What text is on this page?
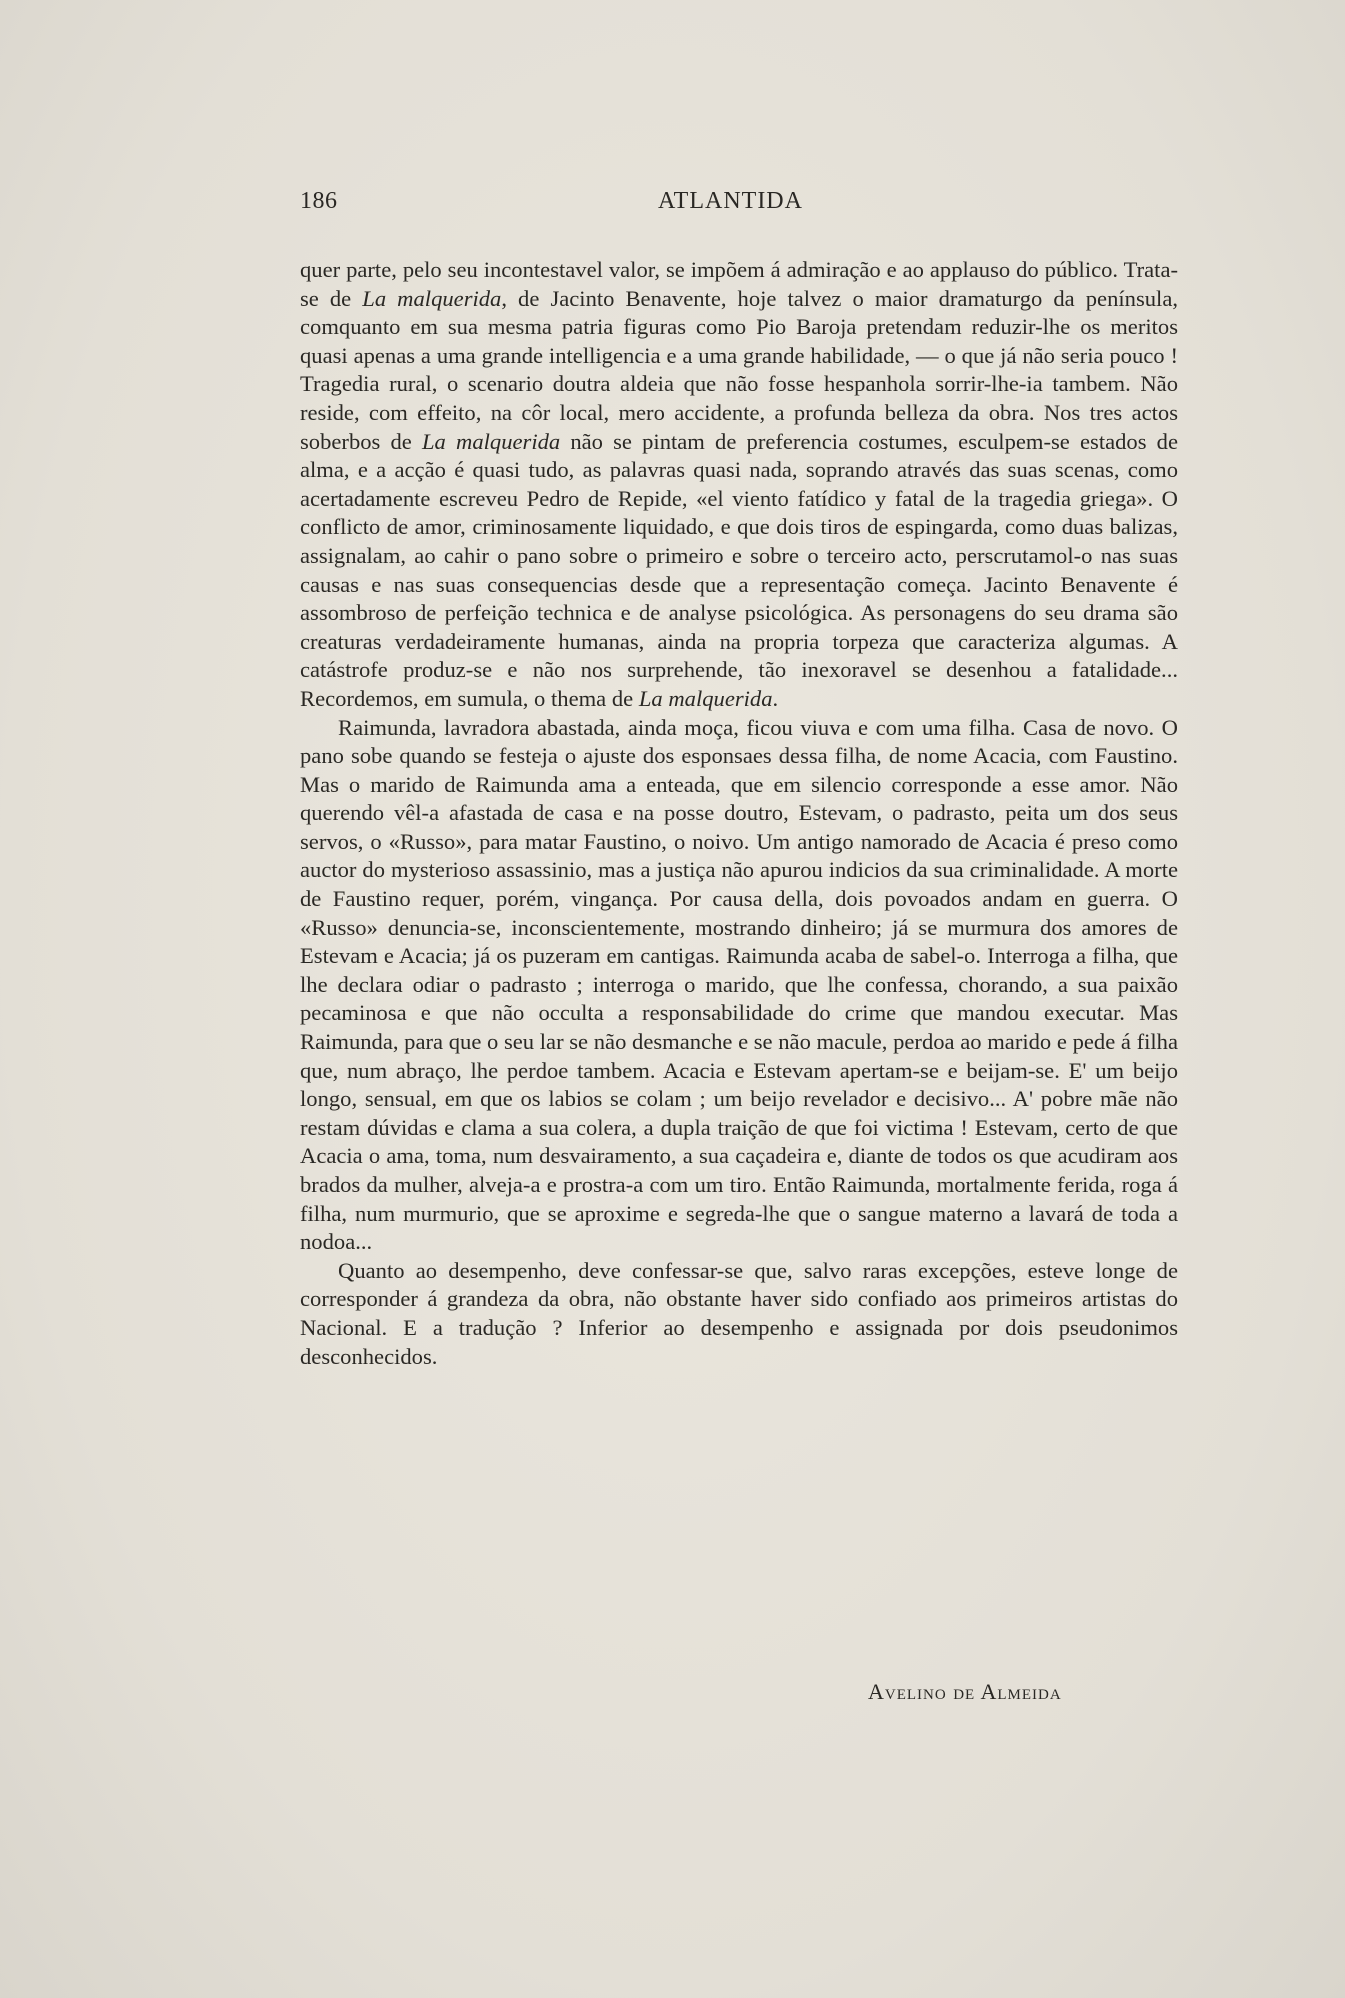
186	ATLANTIDA

quer parte, pelo seu incontestavel valor, se impõem á admiração e ao applauso do público. Trata-se de La malquerida, de Jacinto Benavente, hoje talvez o maior dramaturgo da península, comquanto em sua mesma patria figuras como Pio Baroja pretendam reduzir-lhe os meritos quasi apenas a uma grande intelligencia e a uma grande habilidade, — o que já não seria pouco ! Tragedia rural, o scenario doutra aldeia que não fosse hespanhola sorrir-lhe-ia tambem. Não reside, com effeito, na côr local, mero accidente, a profunda belleza da obra. Nos tres actos soberbos de La malquerida não se pintam de preferencia costumes, esculpem-se estados de alma, e a acção é quasi tudo, as palavras quasi nada, soprando através das suas scenas, como acertadamente escreveu Pedro de Repide, «el viento fatídico y fatal de la tragedia griega». O conflicto de amor, criminosamente liquidado, e que dois tiros de espingarda, como duas balizas, assignalam, ao cahir o pano sobre o primeiro e sobre o terceiro acto, perscrutamol-o nas suas causas e nas suas consequencias desde que a representação começa. Jacinto Benavente é assombroso de perfeição technica e de analyse psicológica. As personagens do seu drama são creaturas verdadeiramente humanas, ainda na propria torpeza que caracteriza algumas. A catástrofe produz-se e não nos surprehende, tão inexoravel se desenhou a fatalidade... Recordemos, em sumula, o thema de La malquerida.

Raimunda, lavradora abastada, ainda moça, ficou viuva e com uma filha. Casa de novo. O pano sobe quando se festeja o ajuste dos esponsaes dessa filha, de nome Acacia, com Faustino. Mas o marido de Raimunda ama a enteada, que em silencio corresponde a esse amor. Não querendo vêl-a afastada de casa e na posse doutro, Estevam, o padrasto, peita um dos seus servos, o «Russo», para matar Faustino, o noivo. Um antigo namorado de Acacia é preso como auctor do mysterioso assassinio, mas a justiça não apurou indicios da sua criminalidade. A morte de Faustino requer, porém, vingança. Por causa della, dois povoados andam en guerra. O «Russo» denuncia-se, inconscientemente, mostrando dinheiro; já se murmura dos amores de Estevam e Acacia; já os puzeram em cantigas. Raimunda acaba de sabel-o. Interroga a filha, que lhe declara odiar o padrasto ; interroga o marido, que lhe confessa, chorando, a sua paixão pecaminosa e que não occulta a responsabilidade do crime que mandou executar. Mas Raimunda, para que o seu lar se não desmanche e se não macule, perdoa ao marido e pede á filha que, num abraço, lhe perdoe tambem. Acacia e Estevam apertam-se e beijam-se. E' um beijo longo, sensual, em que os labios se colam ; um beijo revelador e decisivo... A' pobre mãe não restam dúvidas e clama a sua colera, a dupla traição de que foi victima ! Estevam, certo de que Acacia o ama, toma, num desvairamento, a sua caçadeira e, diante de todos os que acudiram aos brados da mulher, alveja-a e prostra-a com um tiro. Então Raimunda, mortalmente ferida, roga á filha, num murmurio, que se aproxime e segreda-lhe que o sangue materno a lavará de toda a nodoa...

Quanto ao desempenho, deve confessar-se que, salvo raras excepções, esteve longe de corresponder á grandeza da obra, não obstante haver sido confiado aos primeiros artistas do Nacional. E a tradução ? Inferior ao desempenho e assignada por dois pseudonimos desconhecidos.

Avelino de Almeida
